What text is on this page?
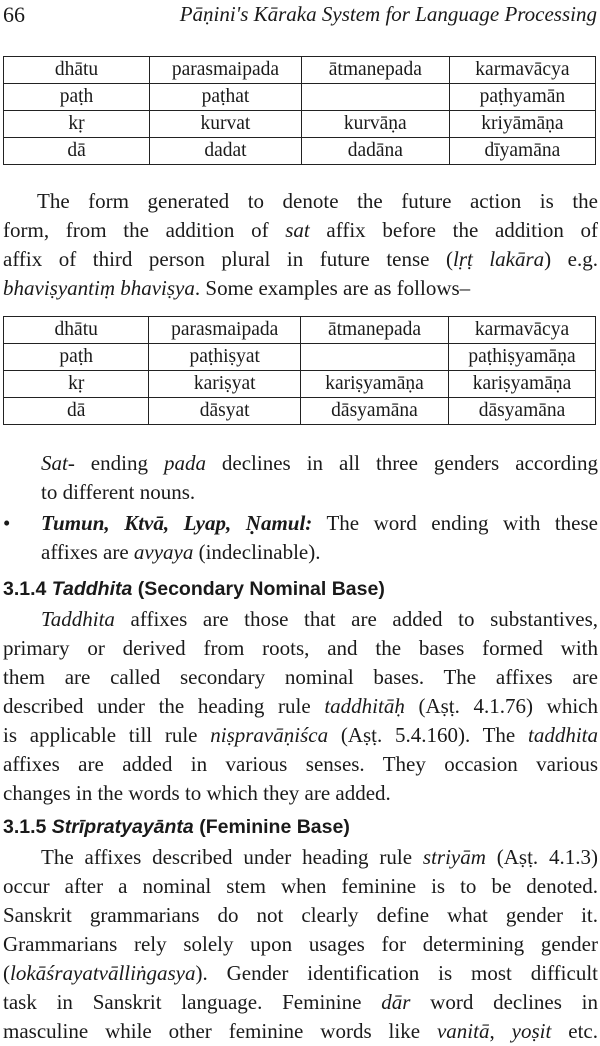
66	Pāṇini's Kāraka System for Language Processing
dhātu	parasmaipada	ātmanepada	karmavācya
paṭh	paṭhat		paṭhyamān
kṛ	kurvat	kurvāṇa	kriyāmāṇa
dā	dadat	dadāna	dīyamāna
The form generated to denote the future action is the
form, from the addition of sat affix before the addition of
affix of third person plural in future tense (lṛṭ lakāra) e.g.
bhaviṣyantiṃ bhaviṣya. Some examples are as follows–
dhātu	parasmaipada	ātmanepada	karmavācya
paṭh	paṭhiṣyat		paṭhiṣyamāṇa
kṛ	kariṣyat	kariṣyamāṇa	kariṣyamāṇa
dā	dāsyat	dāsyamāna	dāsyamāna
Sat- ending pada declines in all three genders according
to different nouns.
• Tumun, Ktvā, Lyap, Ṇamul: The word ending with these
affixes are avyaya (indeclinable).
3.1.4 Taddhita (Secondary Nominal Base)
Taddhita affixes are those that are added to substantives,
primary or derived from roots, and the bases formed with
them are called secondary nominal bases. The affixes are
described under the heading rule taddhitāḥ (Aṣṭ. 4.1.76) which
is applicable till rule niṣpravāṇiśca (Aṣṭ. 5.4.160). The taddhita
affixes are added in various senses. They occasion various
changes in the words to which they are added.
3.1.5 Strīpratyayānta (Feminine Base)
The affixes described under heading rule striyām (Aṣṭ. 4.1.3)
occur after a nominal stem when feminine is to be denoted.
Sanskrit grammarians do not clearly define what gender it.
Grammarians rely solely upon usages for determining gender
(lokāśrayatvālliṅgasya). Gender identification is most difficult
task in Sanskrit language. Feminine dār word declines in
masculine while other feminine words like vanitā, yoṣit etc.
